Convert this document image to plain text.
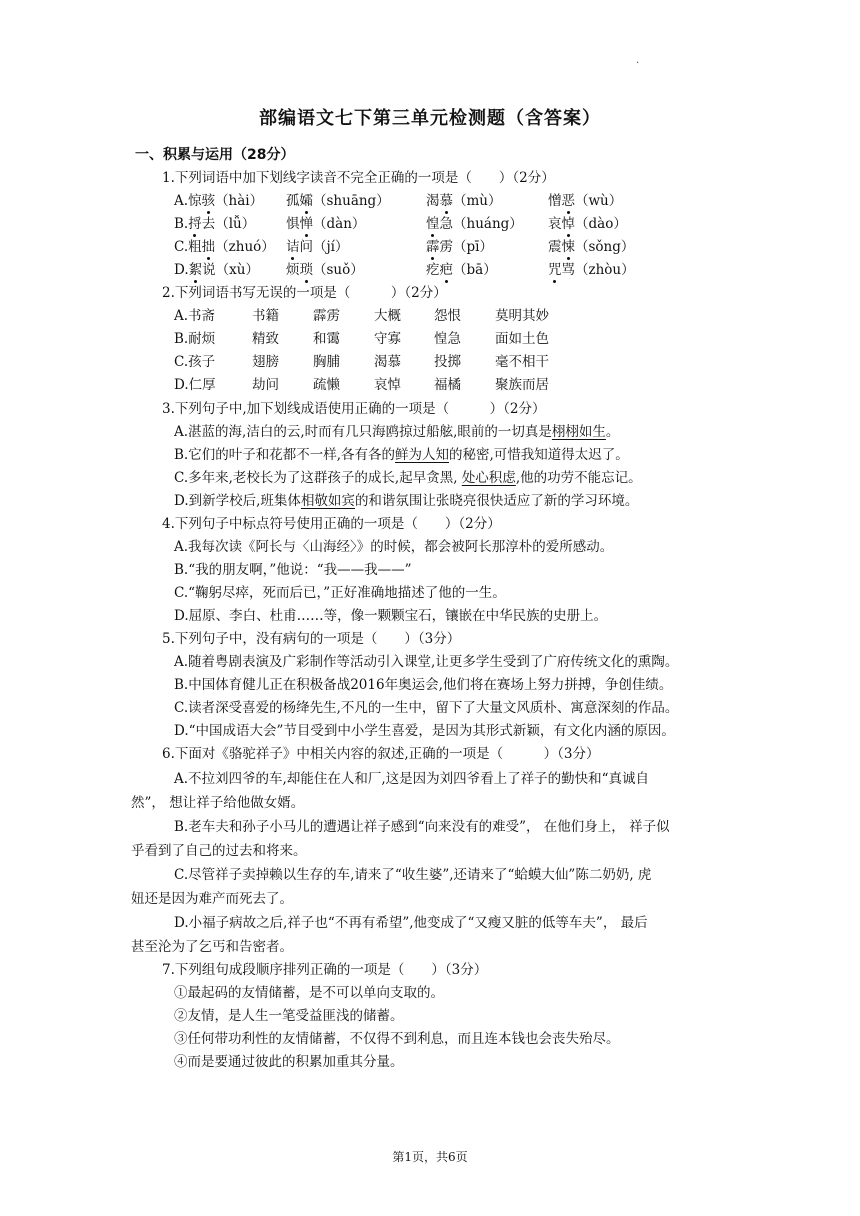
·
部编语文七下第三单元检测题（含答案）
一、积累与运用（28分）
1.下列词语中加下划线字读音不完全正确的一项是（　　）（2分）
A.惊骇（hài） 孤孀（shuāng）	渴慕（mù）	憎恶（wù）
B.捋去（lǚ） 惧惮（dàn）	惶急（huáng） 哀悼（dào）
C.粗拙（zhuó） 诘问（jí）	霹雳（pī）	震悚（sǒng）
D.絮说（xù） 烦琐（suǒ）	疙疤（bā）	咒骂（zhòu）
2.下列词语书写无误的一项是（　　　）（2分）
A.书斋	书籍	霹雳	大概 怨恨	莫明其妙
B.耐烦	精致	和霭	守寡 惶急	面如土色
C.孩子	翅膀	胸脯	渴慕 投掷	毫不相干
D.仁厚	劫问	疏懒	哀悼 福橘	聚族而居
3.下列句子中,加下划线成语使用正确的一项是（　　　）（2分）
A.湛蓝的海,洁白的云,时而有几只海鸥掠过船舷,眼前的一切真是栩栩如生。
B.它们的叶子和花都不一样,各有各的鲜为人知的秘密,可惜我知道得太迟了。
C.多年来,老校长为了这群孩子的成长,起早贪黑, 处心积虑,他的功劳不能忘记。
D.到新学校后,班集体相敬如宾的和谐氛围让张晓亮很快适应了新的学习环境。
4.下列句子中标点符号使用正确的一项是（　　）（2分）
A.我每次读《阿长与〈山海经〉》的时候，都会被阿长那淳朴的爱所感动。
B.“我的朋友啊，”他说：“我——我——”
C.“鞠躬尽瘁，死而后已，”正好准确地描述了他的一生。
D.屈原、李白、杜甫……等，像一颗颗宝石，镶嵌在中华民族的史册上。
5.下列句子中，没有病句的一项是（　　）（3分）
A.随着粤剧表演及广彩制作等活动引入课堂,让更多学生受到了广府传统文化的熏陶。
B.中国体育健儿正在积极备战2016年奥运会,他们将在赛场上努力拼搏，争创佳绩。
C.读者深受喜爱的杨绛先生,不凡的一生中，留下了大量文风质朴、寓意深刻的作品。
D.“中国成语大会”节目受到中小学生喜爱，是因为其形式新颖，有文化内涵的原因。
6.下面对《骆驼祥子》中相关内容的叙述,正确的一项是（　　　）（3分）
A.不拉刘四爷的车,却能住在人和厂,这是因为刘四爷看上了祥子的勤快和“真诚自
然”， 想让祥子给他做女婿。
B.老车夫和孙子小马儿的遭遇让祥子感到“向来没有的难受”， 在他们身上， 祥子似
乎看到了自己的过去和将来。
C.尽管祥子卖掉赖以生存的车,请来了“收生婆”,还请来了“蛤蟆大仙”陈二奶奶, 虎
妞还是因为难产而死去了。
D.小福子病故之后,祥子也“不再有希望”,他变成了“又瘦又脏的低等车夫”， 最后
甚至沦为了乞丐和告密者。
7.下列组句成段顺序排列正确的一项是（　　）（3分）
①最起码的友情储蓄，是不可以单向支取的。
②友情，是人生一笔受益匪浅的储蓄。
③任何带功利性的友情储蓄，不仅得不到利息，而且连本钱也会丧失殆尽。
④而是要通过彼此的积累加重其分量。
第1页，共6页
